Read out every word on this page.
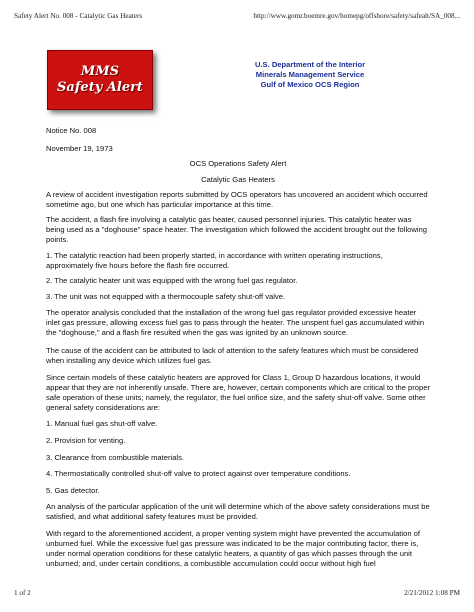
Safety Alert No. 008 - Catalytic Gas Heaters	http://www.gomr.boemre.gov/homepg/offshore/safety/safealt/SA_008...
MMS
Safety Alert
U.S. Department of the Interior
Minerals Management Service
Gulf of Mexico OCS Region

Notice No. 008

November 19, 1973

OCS Operations Safety Alert

Catalytic Gas Heaters

A review of accident investigation reports submitted by OCS operators has uncovered an accident which occurred sometime ago, but one which has particular importance at this time.

The accident, a flash fire involving a catalytic gas heater, caused personnel injuries. This catalytic heater was being used as a "doghouse" space heater. The investigation which followed the accident brought out the following points.

1. The catalytic reaction had been properly started, in accordance with written operating instructions, approximately five hours before the flash fire occurred.

2. The catalytic heater unit was equipped with the wrong fuel gas regulator.

3. The unit was not equipped with a thermocouple safety shut-off valve.

The operator analysis concluded that the installation of the wrong fuel gas regulator provided excessive heater inlet gas pressure, allowing excess fuel gas to pass through the heater. The unspent fuel gas accumulated within the "doghouse," and a flash fire resulted when the gas was ignited by an unknown source.

The cause of the accident can be attributed to lack of attention to the safety features which must be considered when installing any device which utilizes fuel gas.

Since certain models of these catalytic heaters are approved for Class 1, Group D hazardous locations, it would appear that they are not inherently unsafe. There are, however, certain components which are critical to the proper safe operation of these units; namely, the regulator, the fuel orifice size, and the safety shut-off valve. Some other general safety considerations are:

1. Manual fuel gas shut-off valve.

2. Provision for venting.

3. Clearance from combustible materials.

4. Thermostatically controlled shut-off valve to protect against over temperature conditions.

5. Gas detector.

An analysis of the particular application of the unit will determine which of the above safety considerations must be satisfied, and what additional safety features must be provided.

With regard to the aforementioned accident, a proper venting system might have prevented the accumulation of unburned fuel. While the excessive fuel gas pressure was indicated to be the major contributing factor, there is, under normal operation conditions for these catalytic heaters, a quantity of gas which passes through the unit unburned; and, under certain conditions, a combustible accumulation could occur without high fuel

1 of 2	2/21/2012 1:08 PM
